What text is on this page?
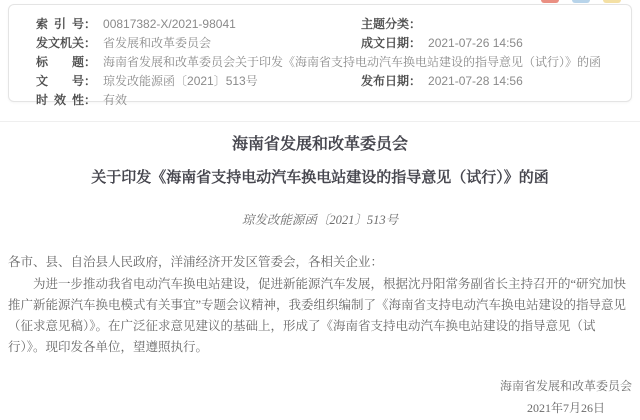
索引号 ： 00817382-X/2021-98041	主题分类 ：
发文机关 ： 省发展和改革委员会	成文日期 ： 2021-07-26 14:56
标题 ： 海南省发展和改革委员会关于印发《海南省支持电动汽车换电站建设的指导意见（试行）》的函
文号 ： 琼发改能源函〔2021〕513号	发布日期 ： 2021-07-28 14:56
时效性 ： 有效
海南省发展和改革委员会
关于印发《海南省支持电动汽车换电站建设的指导意见（试行）》的函
琼发改能源函〔2021〕513号
各市、县、自治县人民政府，洋浦经济开发区管委会，各相关企业：
为进一步推动我省电动汽车换电站建设，促进新能源汽车发展，根据沈丹阳常务副省长主持召开的“研究加快推广新能源汽车换电模式有关事宜”专题会议精神，我委组织编制了《海南省支持电动汽车换电站建设的指导意见（征求意见稿）》。在广泛征求意见建议的基础上，形成了《海南省支持电动汽车换电站建设的指导意见（试行）》。现印发各单位，望遵照执行。
海南省发展和改革委员会
2021年7月26日
